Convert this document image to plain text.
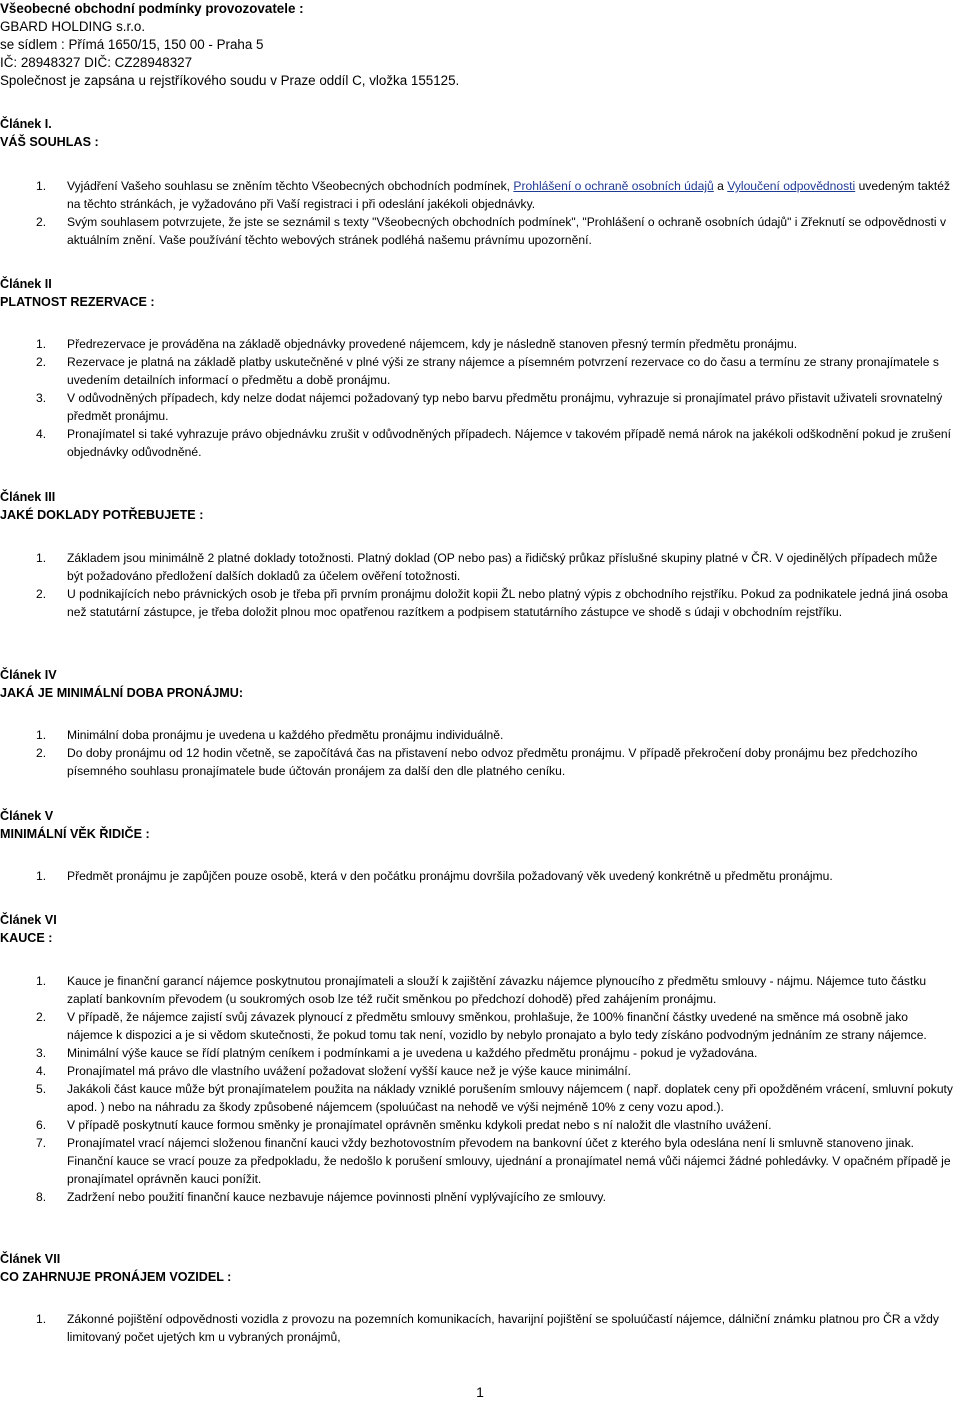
Všeobecné obchodní podmínky provozovatele :
GBARD HOLDING s.r.o.
se sídlem : Přímá 1650/15, 150 00 - Praha 5
IČ: 28948327 DIČ: CZ28948327
Společnost je zapsána u rejstříkového soudu v Praze oddíl C, vložka 155125.
Článek I.
VÁŠ SOUHLAS :
1. Vyjádření Vašeho souhlasu se zněním těchto Všeobecných obchodních podmínek, Prohlášení o ochraně osobních údajů a Vyloučení odpovědnosti uvedeným taktéž na těchto stránkách, je vyžadováno při Vaší registraci i při odeslání jakékoli objednávky.
2. Svým souhlasem potvrzujete, že jste se seznámil s texty "Všeobecných obchodních podmínek", "Prohlášení o ochraně osobních údajů" i Zřeknutí se odpovědnosti v aktuálním znění. Vaše používání těchto webových stránek podléhá našemu právnímu upozornění.
Článek II
PLATNOST REZERVACE :
1. Předrezervace je prováděna na základě objednávky provedené nájemcem, kdy je následně stanoven přesný termín předmětu pronájmu.
2. Rezervace je platná na základě platby uskutečněné v plné výši ze strany nájemce a písemném potvrzení rezervace co do času a termínu ze strany pronajímatele s uvedením detailních informací o předmětu a době pronájmu.
3. V odůvodněných případech, kdy nelze dodat nájemci požadovaný typ nebo barvu předmětu pronájmu, vyhrazuje si pronajímatel právo přistavit uživateli srovnatelný předmět pronájmu.
4. Pronajímatel si také vyhrazuje právo objednávku zrušit v odůvodněných případech. Nájemce v takovém případě nemá nárok na jakékoli odškodnění pokud je zrušení objednávky odůvodněné.
Článek III
JAKÉ DOKLADY POTŘEBUJETE :
1. Základem jsou minimálně 2 platné doklady totožnosti. Platný doklad (OP nebo pas) a řidičský průkaz příslušné skupiny platné v ČR. V ojedinělých případech může být požadováno předložení dalších dokladů za účelem ověření totožnosti.
2. U podnikajících nebo právnických osob je třeba při prvním pronájmu doložit kopii ŽL nebo platný výpis z obchodního rejstříku. Pokud za podnikatele jedná jiná osoba než statutární zástupce, je třeba doložit plnou moc opatřenou razítkem a podpisem statutárního zástupce ve shodě s údaji v obchodním rejstříku.
Článek IV
JAKÁ JE MINIMÁLNÍ DOBA PRONÁJMU:
1. Minimální doba pronájmu je uvedena u každého předmětu pronájmu individuálně.
2. Do doby pronájmu od 12 hodin včetně, se započítává čas na přistavení nebo odvoz předmětu pronájmu. V případě překročení doby pronájmu bez předchozího písemného souhlasu pronajímatele bude účtován pronájem za další den dle platného ceníku.
Článek V
MINIMÁLNÍ VĚK ŘIDIČE :
1. Předmět pronájmu je zapůjčen pouze osobě, která v den počátku pronájmu dovršila požadovaný věk uvedený konkrétně u předmětu pronájmu.
Článek VI
KAUCE :
1. Kauce je finanční garancí nájemce poskytnutou pronajímateli a slouží k zajištění závazku nájemce plynoucího z předmětu smlouvy - nájmu. Nájemce tuto částku zaplatí bankovním převodem (u soukromých osob lze též ručit směnkou po předchozí dohodě) před zahájením pronájmu.
2. V případě, že nájemce zajistí svůj závazek plynoucí z předmětu smlouvy směnkou, prohlašuje, že 100% finanční částky uvedené na směnce má osobně jako nájemce k dispozici a je si vědom skutečnosti, že pokud tomu tak není, vozidlo by nebylo pronajato a bylo tedy získáno podvodným jednáním ze strany nájemce.
3. Minimální výše kauce se řídí platným ceníkem i podmínkami a je uvedena u každého předmětu pronájmu - pokud je vyžadována.
4. Pronajímatel má právo dle vlastního uvážení požadovat složení vyšší kauce než je výše kauce minimální.
5. Jakákoli část kauce může být pronajímatelem použita na náklady vzniklé porušením smlouvy nájemcem ( např. doplatek ceny při opožděném vrácení, smluvní pokuty apod. ) nebo na náhradu za škody způsobené nájemcem (spoluúčast na nehodě ve výši nejméně 10% z ceny vozu apod.).
6. V případě poskytnutí kauce formou směnky je pronajímatel oprávněn směnku kdykoli predat nebo s ní naložit dle vlastního uvážení.
7. Pronajímatel vrací nájemci složenou finanční kauci vždy bezhotovostním převodem na bankovní účet z kterého byla odeslána není li smluvně stanoveno jinak. Finanční kauce se vrací pouze za předpokladu, že nedošlo k porušení smlouvy, ujednání a pronajímatel nemá vůči nájemci žádné pohledávky. V opačném případě je pronajímatel oprávněn kauci ponížit.
8. Zadržení nebo použití finanční kauce nezbavuje nájemce povinnosti plnění vyplývajícího ze smlouvy.
Článek VII
CO ZAHRNUJE PRONÁJEM VOZIDEL :
1. Zákonné pojištění odpovědnosti vozidla z provozu na pozemních komunikacích, havarijní pojištění se spoluúčastí nájemce, dálniční známku platnou pro ČR a vždy limitovaný počet ujetých km u vybraných pronájmů,
1
